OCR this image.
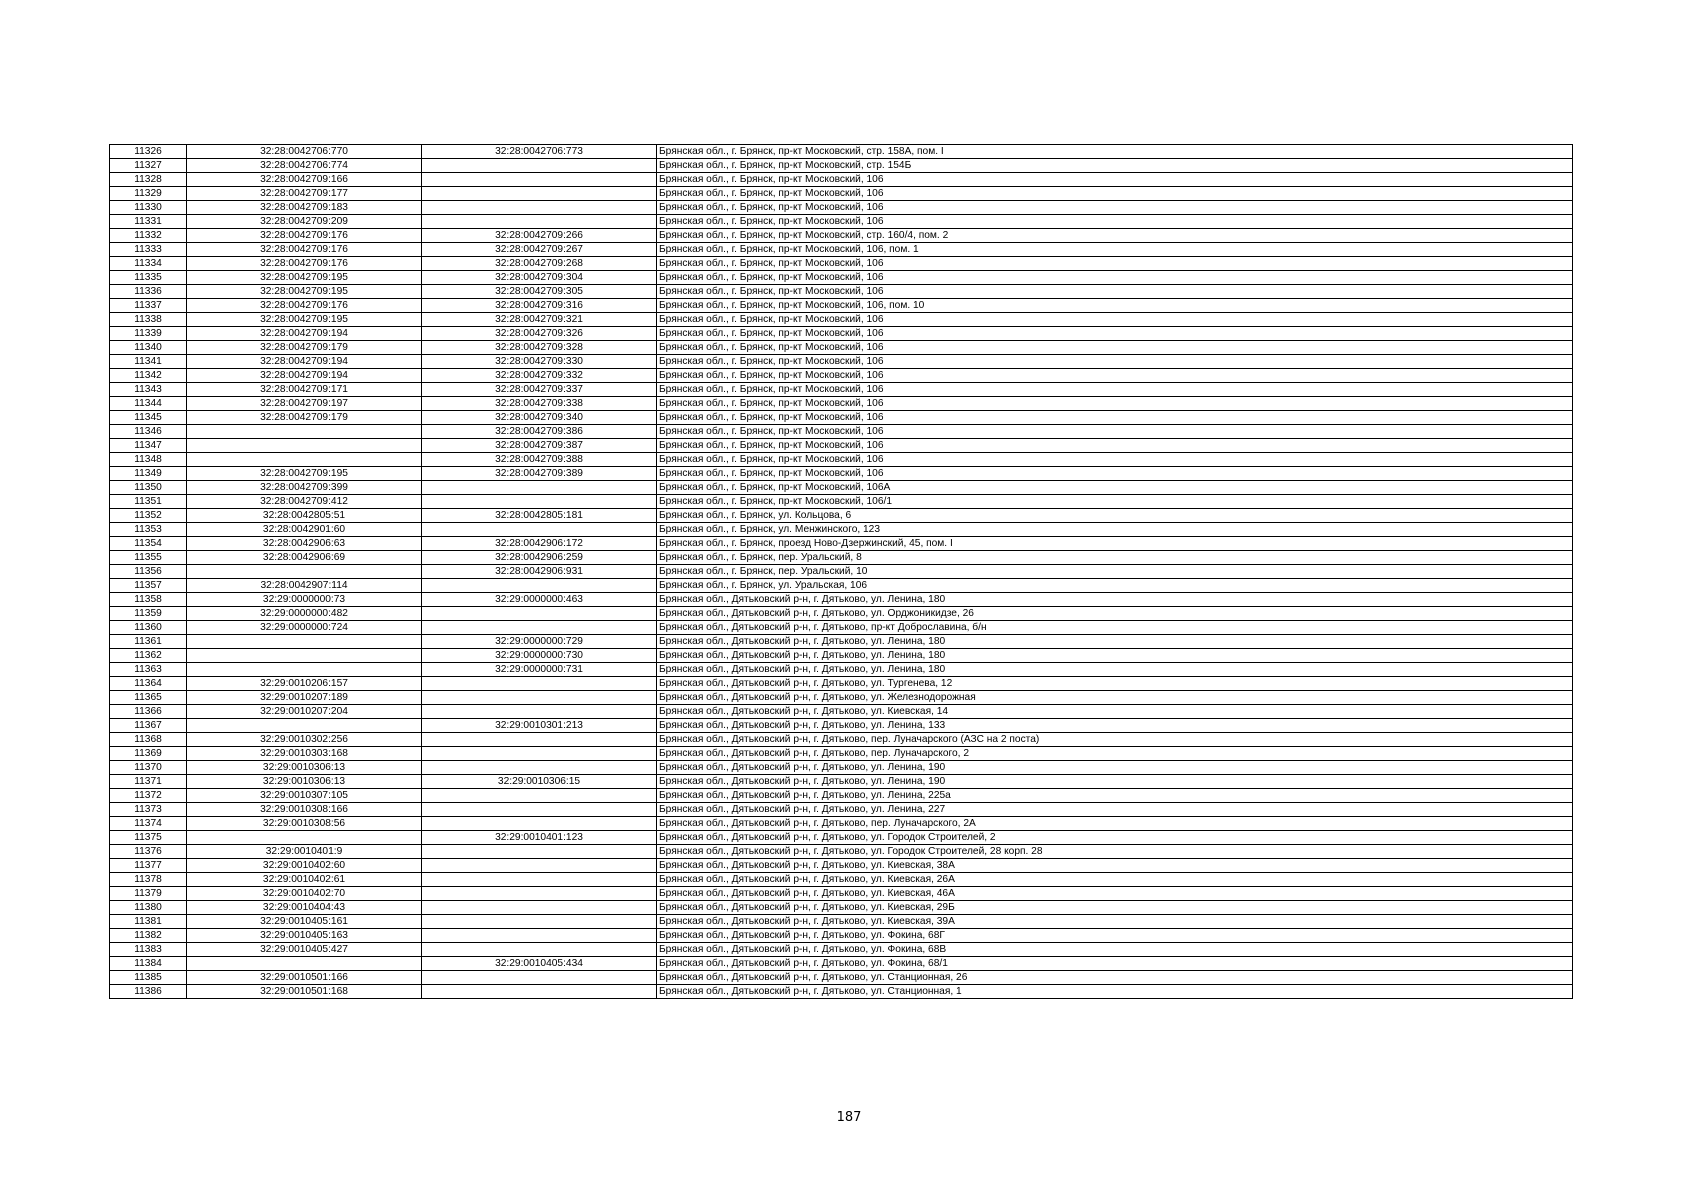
11326	32:28:0042706:770	32:28:0042706:773	Брянская обл., г. Брянск, пр-кт Московский, стр. 158А, пом. I
11327	32:28:0042706:774		Брянская обл., г. Брянск, пр-кт Московский, стр. 154Б
11328	32:28:0042709:166		Брянская обл., г. Брянск, пр-кт Московский, 106
11329	32:28:0042709:177		Брянская обл., г. Брянск, пр-кт Московский, 106
11330	32:28:0042709:183		Брянская обл., г. Брянск, пр-кт Московский, 106
11331	32:28:0042709:209		Брянская обл., г. Брянск, пр-кт Московский, 106
11332	32:28:0042709:176	32:28:0042709:266	Брянская обл., г. Брянск, пр-кт Московский, стр. 160/4, пом. 2
11333	32:28:0042709:176	32:28:0042709:267	Брянская обл., г. Брянск, пр-кт Московский, 106, пом. 1
11334	32:28:0042709:176	32:28:0042709:268	Брянская обл., г. Брянск, пр-кт Московский, 106
11335	32:28:0042709:195	32:28:0042709:304	Брянская обл., г. Брянск, пр-кт Московский, 106
11336	32:28:0042709:195	32:28:0042709:305	Брянская обл., г. Брянск, пр-кт Московский, 106
11337	32:28:0042709:176	32:28:0042709:316	Брянская обл., г. Брянск, пр-кт Московский, 106, пом. 10
11338	32:28:0042709:195	32:28:0042709:321	Брянская обл., г. Брянск, пр-кт Московский, 106
11339	32:28:0042709:194	32:28:0042709:326	Брянская обл., г. Брянск, пр-кт Московский, 106
11340	32:28:0042709:179	32:28:0042709:328	Брянская обл., г. Брянск, пр-кт Московский, 106
11341	32:28:0042709:194	32:28:0042709:330	Брянская обл., г. Брянск, пр-кт Московский, 106
11342	32:28:0042709:194	32:28:0042709:332	Брянская обл., г. Брянск, пр-кт Московский, 106
11343	32:28:0042709:171	32:28:0042709:337	Брянская обл., г. Брянск, пр-кт Московский, 106
11344	32:28:0042709:197	32:28:0042709:338	Брянская обл., г. Брянск, пр-кт Московский, 106
11345	32:28:0042709:179	32:28:0042709:340	Брянская обл., г. Брянск, пр-кт Московский, 106
11346		32:28:0042709:386	Брянская обл., г. Брянск, пр-кт Московский, 106
11347		32:28:0042709:387	Брянская обл., г. Брянск, пр-кт Московский, 106
11348		32:28:0042709:388	Брянская обл., г. Брянск, пр-кт Московский, 106
11349	32:28:0042709:195	32:28:0042709:389	Брянская обл., г. Брянск, пр-кт Московский, 106
11350	32:28:0042709:399		Брянская обл., г. Брянск, пр-кт Московский, 106А
11351	32:28:0042709:412		Брянская обл., г. Брянск, пр-кт Московский, 106/1
11352	32:28:0042805:51	32:28:0042805:181	Брянская обл., г. Брянск, ул. Кольцова, 6
11353	32:28:0042901:60		Брянская обл., г. Брянск, ул. Менжинского, 123
11354	32:28:0042906:63	32:28:0042906:172	Брянская обл., г. Брянск, проезд Ново-Дзержинский, 45, пом. I
11355	32:28:0042906:69	32:28:0042906:259	Брянская обл., г. Брянск, пер. Уральский, 8
11356		32:28:0042906:931	Брянская обл., г. Брянск, пер. Уральский, 10
11357	32:28:0042907:114		Брянская обл., г. Брянск, ул. Уральская, 106
11358	32:29:0000000:73	32:29:0000000:463	Брянская обл., Дятьковский р-н, г. Дятьково, ул. Ленина, 180
11359	32:29:0000000:482		Брянская обл., Дятьковский р-н, г. Дятьково, ул. Орджоникидзе, 26
11360	32:29:0000000:724		Брянская обл., Дятьковский р-н, г. Дятьково, пр-кт Доброславина, б/н
11361		32:29:0000000:729	Брянская обл., Дятьковский р-н, г. Дятьково, ул. Ленина, 180
11362		32:29:0000000:730	Брянская обл., Дятьковский р-н, г. Дятьково, ул. Ленина, 180
11363		32:29:0000000:731	Брянская обл., Дятьковский р-н, г. Дятьково, ул. Ленина, 180
11364	32:29:0010206:157		Брянская обл., Дятьковский р-н, г. Дятьково, ул. Тургенева, 12
11365	32:29:0010207:189		Брянская обл., Дятьковский р-н, г. Дятьково, ул. Железнодорожная
11366	32:29:0010207:204		Брянская обл., Дятьковский р-н, г. Дятьково, ул. Киевская, 14
11367		32:29:0010301:213	Брянская обл., Дятьковский р-н, г. Дятьково, ул. Ленина, 133
11368	32:29:0010302:256		Брянская обл., Дятьковский р-н, г. Дятьково, пер. Луначарского (АЗС на 2 поста)
11369	32:29:0010303:168		Брянская обл., Дятьковский р-н, г. Дятьково, пер. Луначарского, 2
11370	32:29:0010306:13		Брянская обл., Дятьковский р-н, г. Дятьково, ул. Ленина, 190
11371	32:29:0010306:13	32:29:0010306:15	Брянская обл., Дятьковский р-н, г. Дятьково, ул. Ленина, 190
11372	32:29:0010307:105		Брянская обл., Дятьковский р-н, г. Дятьково, ул. Ленина, 225а
11373	32:29:0010308:166		Брянская обл., Дятьковский р-н, г. Дятьково, ул. Ленина, 227
11374	32:29:0010308:56		Брянская обл., Дятьковский р-н, г. Дятьково, пер. Луначарского, 2А
11375		32:29:0010401:123	Брянская обл., Дятьковский р-н, г. Дятьково, ул. Городок Строителей, 2
11376	32:29:0010401:9		Брянская обл., Дятьковский р-н, г. Дятьково, ул. Городок Строителей, 28 корп. 28
11377	32:29:0010402:60		Брянская обл., Дятьковский р-н, г. Дятьково, ул. Киевская, 38А
11378	32:29:0010402:61		Брянская обл., Дятьковский р-н, г. Дятьково, ул. Киевская, 26А
11379	32:29:0010402:70		Брянская обл., Дятьковский р-н, г. Дятьково, ул. Киевская, 46А
11380	32:29:0010404:43		Брянская обл., Дятьковский р-н, г. Дятьково, ул. Киевская, 29Б
11381	32:29:0010405:161		Брянская обл., Дятьковский р-н, г. Дятьково, ул. Киевская, 39А
11382	32:29:0010405:163		Брянская обл., Дятьковский р-н, г. Дятьково, ул. Фокина, 68Г
11383	32:29:0010405:427		Брянская обл., Дятьковский р-н, г. Дятьково, ул. Фокина, 68В
11384		32:29:0010405:434	Брянская обл., Дятьковский р-н, г. Дятьково, ул. Фокина, 68/1
11385	32:29:0010501:166		Брянская обл., Дятьковский р-н, г. Дятьково, ул. Станционная, 26
11386	32:29:0010501:168		Брянская обл., Дятьковский р-н, г. Дятьково, ул. Станционная, 1
187
